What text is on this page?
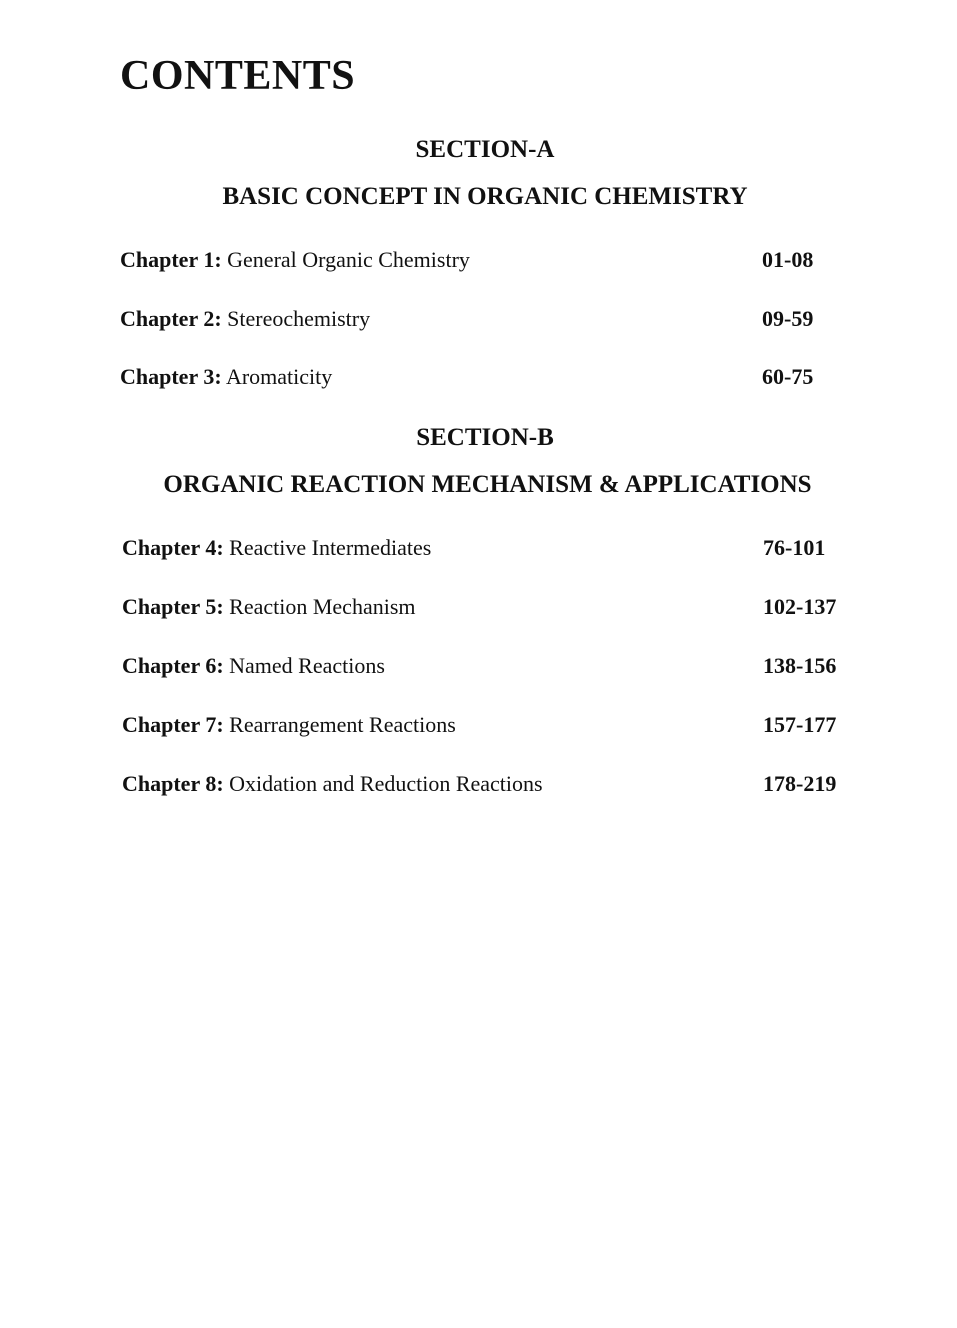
CONTENTS
SECTION-A
BASIC CONCEPT IN ORGANIC CHEMISTRY
Chapter 1: General Organic Chemistry	01-08
Chapter 2: Stereochemistry	09-59
Chapter 3: Aromaticity	60-75
SECTION-B
ORGANIC REACTION MECHANISM & APPLICATIONS
Chapter 4: Reactive Intermediates	76-101
Chapter 5: Reaction Mechanism	102-137
Chapter 6: Named Reactions	138-156
Chapter 7: Rearrangement Reactions	157-177
Chapter 8: Oxidation and Reduction Reactions	178-219
